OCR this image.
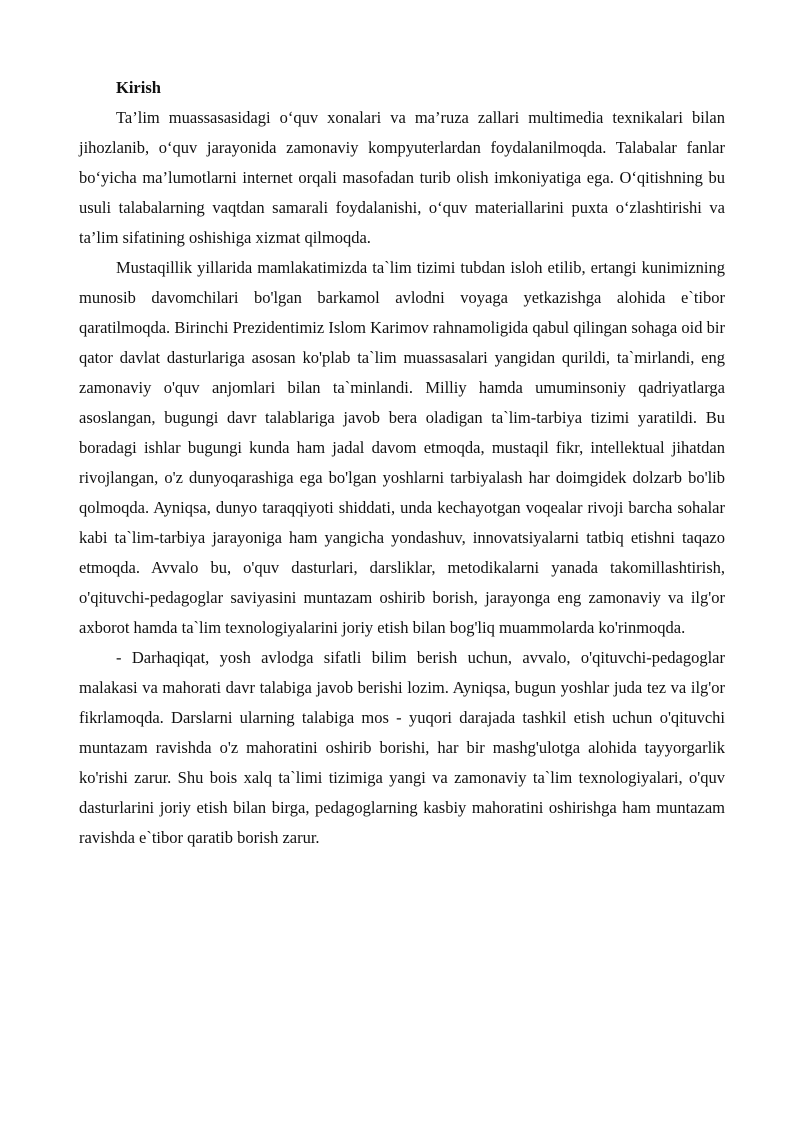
Kirish

Ta’lim muassasasidagi o‘quv xonalari va ma’ruza zallari multimedia texnikalari bilan jihozlanib, o‘quv jarayonida zamonaviy kompyuterlardan foydalanilmoqda. Talabalar fanlar bo‘yicha ma’lumotlarni internet orqali masofadan turib olish imkoniyatiga ega. O‘qitishning bu usuli talabalarning vaqtdan samarali foydalanishi, o‘quv materiallarini puxta o‘zlashtirishi va ta’lim sifatining oshishiga xizmat qilmoqda.

Mustaqillik yillarida mamlakatimizda ta`lim tizimi tubdan isloh etilib, ertangi kunimizning munosib davomchilari bo'lgan barkamol avlodni voyaga yetkazishga alohida e`tibor qaratilmoqda. Birinchi Prezidentimiz Islom Karimov rahnamoligida qabul qilingan sohaga oid bir qator davlat dasturlariga asosan ko'plab ta`lim muassasalari yangidan qurildi, ta`mirlandi, eng zamonaviy o'quv anjomlari bilan ta`minlandi. Milliy hamda umuminsoniy qadriyatlarga asoslangan, bugungi davr talablariga javob bera oladigan ta`lim-tarbiya tizimi yaratildi. Bu boradagi ishlar bugungi kunda ham jadal davom etmoqda, mustaqil fikr, intellektual jihatdan rivojlangan, o'z dunyoqarashiga ega bo'lgan yoshlarni tarbiyalash har doimgidek dolzarb bo'lib qolmoqda. Ayniqsa, dunyo taraqqiyoti shiddati, unda kechayotgan voqealar rivoji barcha sohalar kabi ta`lim-tarbiya jarayoniga ham yangicha yondashuv, innovatsiyalarni tatbiq etishni taqazo etmoqda. Avvalo bu, o'quv dasturlari, darsliklar, metodikalarni yanada takomillashtirish, o'qituvchi-pedagoglar saviyasini muntazam oshirib borish, jarayonga eng zamonaviy va ilg'or axborot hamda ta`lim texnologiyalarini joriy etish bilan bog'liq muammolarda ko'rinmoqda.

- Darhaqiqat, yosh avlodga sifatli bilim berish uchun, avvalo, o'qituvchi-pedagoglar malakasi va mahorati davr talabiga javob berishi lozim. Ayniqsa, bugun yoshlar juda tez va ilg'or fikrlamoqda. Darslarni ularning talabiga mos - yuqori darajada tashkil etish uchun o'qituvchi muntazam ravishda o'z mahoratini oshirib borishi, har bir mashg'ulotga alohida tayyorgarlik ko'rishi zarur. Shu bois xalq ta`limi tizimiga yangi va zamonaviy ta`lim texnologiyalari, o'quv dasturlarini joriy etish bilan birga, pedagoglarning kasbiy mahoratini oshirishga ham muntazam ravishda e`tibor qaratib borish zarur.
